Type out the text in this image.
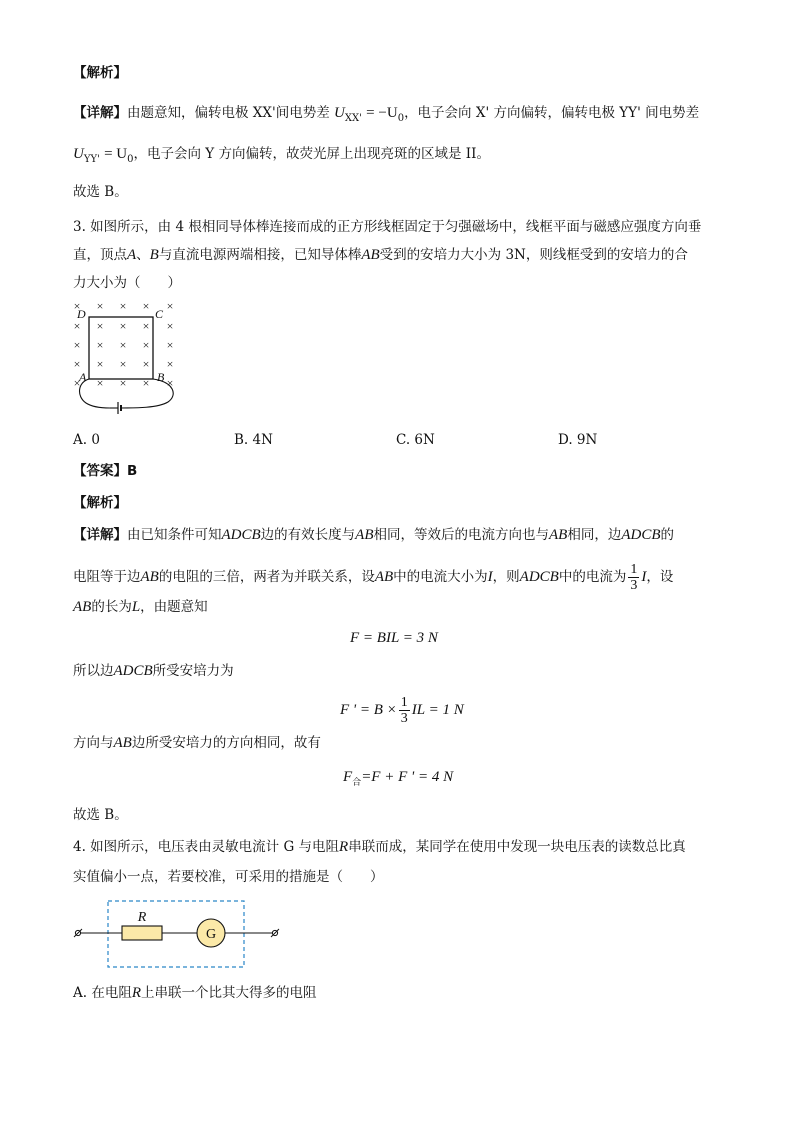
【解析】
【详解】由题意知，偏转电极 XX'间电势差 $U_{XX'} = -U_0$，电子会向 X' 方向偏转，偏转电极 YY' 间电势差
$U_{YY'} = U_0$，电子会向 Y 方向偏转，故荧光屏上出现亮斑的区域是 II。
故选 B。
3. 如图所示，由 4 根相同导体棒连接而成的正方形线框固定于匀强磁场中，线框平面与磁感应强度方向垂
直，顶点A、B与直流电源两端相接，已知导体棒AB受到的安培力大小为 3N，则线框受到的安培力的合
力大小为（　　）
× × × × ×
× × × × ×
× × × × ×
× × × × ×
× × × × ×
D	C
A	B
A. 0	B. 4N	C. 6N	D. 9N
【答案】B
【解析】
【详解】由已知条件可知ADCB边的有效长度与AB相同，等效后的电流方向也与AB相同，边ADCB的
电阻等于边AB的电阻的三倍，两者为并联关系，设AB中的电流大小为I，则ADCB中的电流为 $\frac{1}{3}$ I，设
AB的长为L，由题意知
F = BIL = 3 N
所以边ADCB所受安培力为
F ' = $B \times \frac{1}{3}$ IL = 1 N
方向与AB边所受安培力的方向相同，故有
$F_合=F + F$ ' = 4 N
故选 B。
4. 如图所示，电压表由灵敏电流计 G 与电阻R串联而成，某同学在使用中发现一块电压表的读数总比真
实值偏小一点，若要校准，可采用的措施是（　　）
R
G
A. 在电阻R上串联一个比其大得多的电阻
